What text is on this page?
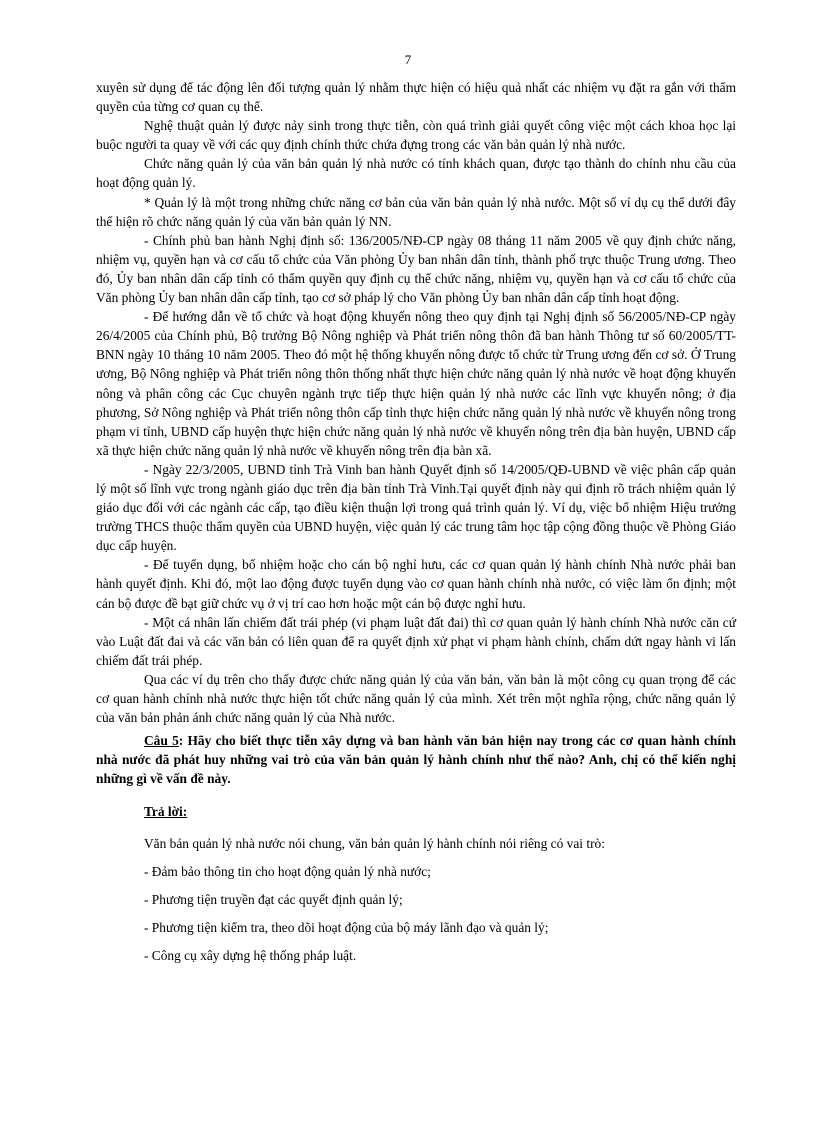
7

xuyên sử dụng để tác động lên đối tượng quản lý nhằm thực hiện có hiệu quả nhất các nhiệm vụ đặt ra gắn với thẩm quyền của từng cơ quan cụ thể.

Nghệ thuật quản lý được nảy sinh trong thực tiễn, còn quá trình giải quyết công việc một cách khoa học lại buộc người ta quay về với các quy định chính thức chứa đựng trong các văn bản quản lý nhà nước.

Chức năng quản lý của văn bản quản lý nhà nước có tính khách quan, được tạo thành do chính nhu cầu của hoạt động quản lý.

* Quản lý là một trong những chức năng cơ bản của văn bản quản lý nhà nước. Một số ví dụ cụ thể dưới đây thể hiện rõ chức năng quản lý của văn bản quản lý NN.

- Chính phủ ban hành Nghị định số: 136/2005/NĐ-CP ngày 08 tháng 11 năm 2005 về quy định chức năng, nhiệm vụ, quyền hạn và cơ cấu tổ chức của Văn phòng Ủy ban nhân dân tỉnh, thành phố trực thuộc Trung ương. Theo đó, Ủy ban nhân dân cấp tỉnh có thẩm quyền quy định cụ thể chức năng, nhiệm vụ, quyền hạn và cơ cấu tổ chức của Văn phòng Ủy ban nhân dân cấp tỉnh, tạo cơ sở pháp lý cho Văn phòng Ủy ban nhân dân cấp tỉnh hoạt động.

- Để hướng dẫn về tổ chức và hoạt động khuyến nông theo quy định tại Nghị định số 56/2005/NĐ-CP ngày 26/4/2005 của Chính phủ, Bộ trưởng Bộ Nông nghiệp và Phát triển nông thôn đã ban hành Thông tư số 60/2005/TT-BNN ngày 10 tháng 10 năm 2005. Theo đó một hệ thống khuyến nông được tổ chức từ Trung ương đến cơ sở. Ở Trung ương, Bộ Nông nghiệp và Phát triển nông thôn thống nhất thực hiện chức năng quản lý nhà nước về hoạt động khuyến nông và phân công các Cục chuyên ngành trực tiếp thực hiện quản lý nhà nước các lĩnh vực khuyến nông; ở địa phương, Sở Nông nghiệp và Phát triển nông thôn cấp tỉnh thực hiện chức năng quản lý nhà nước về khuyến nông trong phạm vi tỉnh, UBND cấp huyện thực hiện chức năng quản lý nhà nước về khuyến nông trên địa bàn huyện, UBND cấp xã thực hiện chức năng quản lý nhà nước về khuyến nông trên địa bàn xã.

- Ngày 22/3/2005, UBND tỉnh Trà Vinh ban hành Quyết định số 14/2005/QĐ-UBND về việc phân cấp quản lý một số lĩnh vực trong ngành giáo dục trên địa bàn tỉnh Trà Vinh.Tại quyết định này qui định rõ trách nhiệm quản lý giáo dục đối với các ngành các cấp, tạo điều kiện thuận lợi trong quá trình quản lý. Ví dụ, việc bổ nhiệm Hiệu trưởng trường THCS thuộc thẩm quyền của UBND huyện, việc quản lý các trung tâm học tập cộng đồng thuộc về Phòng Giáo dục cấp huyện.

- Để tuyển dụng, bổ nhiệm hoặc cho cán bộ nghỉ hưu, các cơ quan quản lý hành chính Nhà nước phải ban hành quyết định. Khi đó, một lao động được tuyển dụng vào cơ quan hành chính nhà nước, có việc làm ổn định; một cán bộ được đề bạt giữ chức vụ ở vị trí cao hơn hoặc một cán bộ được nghỉ hưu.

- Một cá nhân lấn chiếm đất trái phép (vi phạm luật đất đai) thì cơ quan quản lý hành chính Nhà nước căn cứ vào Luật đất đai và các văn bản có liên quan để ra quyết định xử phạt vi phạm hành chính, chấm dứt ngay hành vi lấn chiếm đất trái phép.

Qua các ví dụ trên cho thấy được chức năng quản lý của văn bản, văn bản là một công cụ quan trọng để các cơ quan hành chính nhà nước thực hiện tốt chức năng quản lý của mình. Xét trên một nghĩa rộng, chức năng quản lý của văn bản phản ánh chức năng quản lý của Nhà nước.

Câu 5: Hãy cho biết thực tiễn xây dựng và ban hành văn bản hiện nay trong các cơ quan hành chính nhà nước đã phát huy những vai trò của văn bản quản lý hành chính như thế nào? Anh, chị có thể kiến nghị những gì về vấn đề này.

Trả lời:

Văn bản quản lý nhà nước nói chung, văn bản quản lý hành chính nói riêng có vai trò:

- Đảm bảo thông tin cho hoạt động quản lý nhà nước;

- Phương tiện truyền đạt các quyết định quản lý;

- Phương tiện kiểm tra, theo dõi hoạt động của bộ máy lãnh đạo và quản lý;

- Công cụ xây dựng hệ thống pháp luật.
